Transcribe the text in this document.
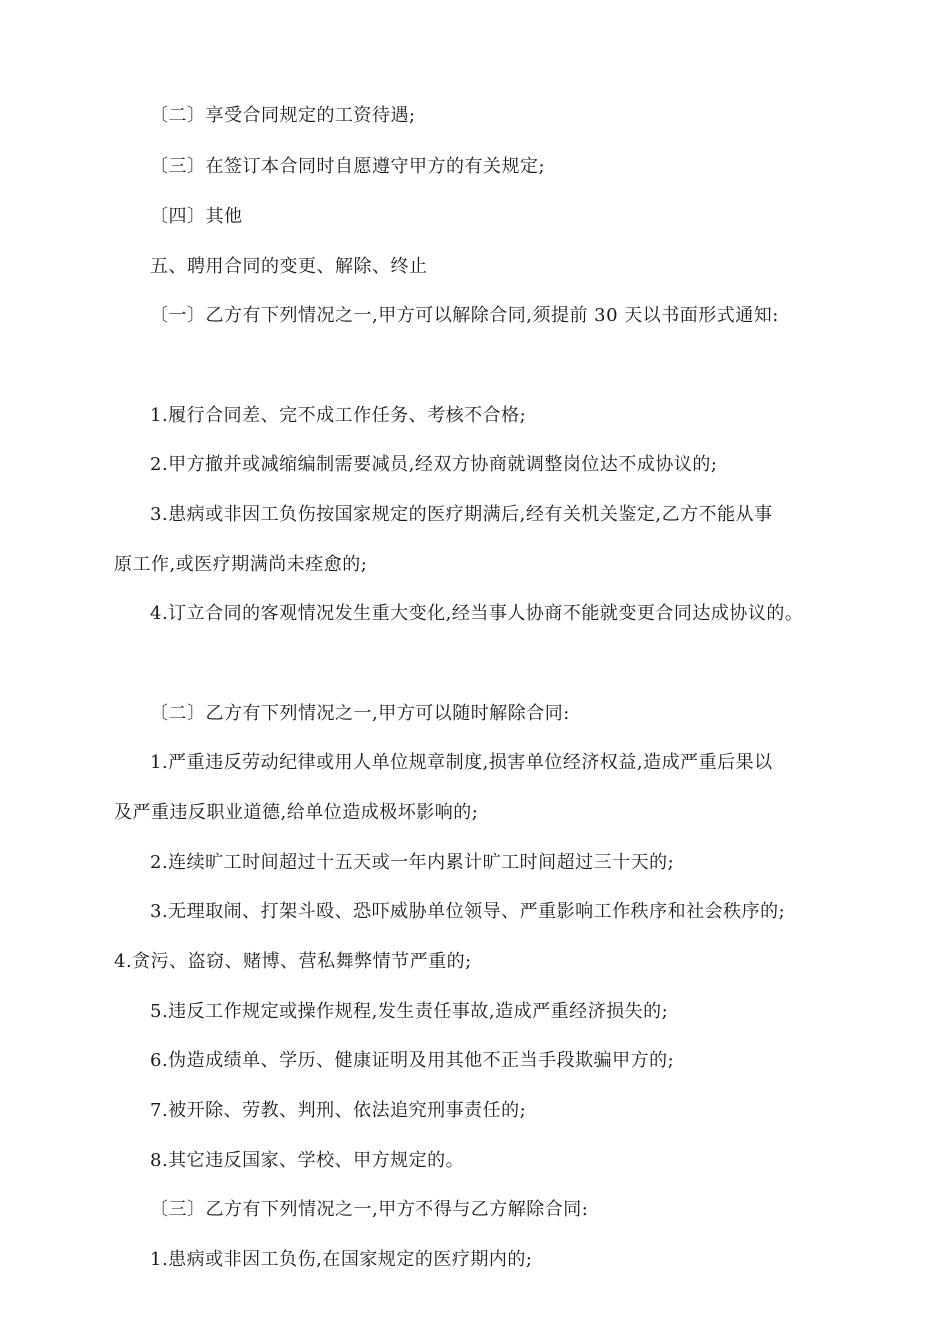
〔二〕享受合同规定的工资待遇;
〔三〕在签订本合同时自愿遵守甲方的有关规定;
〔四〕其他
五、聘用合同的变更、解除、终止
〔一〕乙方有下列情况之一,甲方可以解除合同,须提前 30 天以书面形式通知:
1.履行合同差、完不成工作任务、考核不合格;
2.甲方撤并或减缩编制需要减员,经双方协商就调整岗位达不成协议的;
3.患病或非因工负伤按国家规定的医疗期满后,经有关机关鉴定,乙方不能从事
原工作,或医疗期满尚未痊愈的;
4.订立合同的客观情况发生重大变化,经当事人协商不能就变更合同达成协议的。
〔二〕乙方有下列情况之一,甲方可以随时解除合同:
1.严重违反劳动纪律或用人单位规章制度,损害单位经济权益,造成严重后果以
及严重违反职业道德,给单位造成极坏影响的;
2.连续旷工时间超过十五天或一年内累计旷工时间超过三十天的;
3.无理取闹、打架斗殴、恐吓威胁单位领导、严重影响工作秩序和社会秩序的;
4.贪污、盗窃、赌博、营私舞弊情节严重的;
5.违反工作规定或操作规程,发生责任事故,造成严重经济损失的;
6.伪造成绩单、学历、健康证明及用其他不正当手段欺骗甲方的;
7.被开除、劳教、判刑、依法追究刑事责任的;
8.其它违反国家、学校、甲方规定的。
〔三〕乙方有下列情况之一,甲方不得与乙方解除合同:
1.患病或非因工负伤,在国家规定的医疗期内的;
